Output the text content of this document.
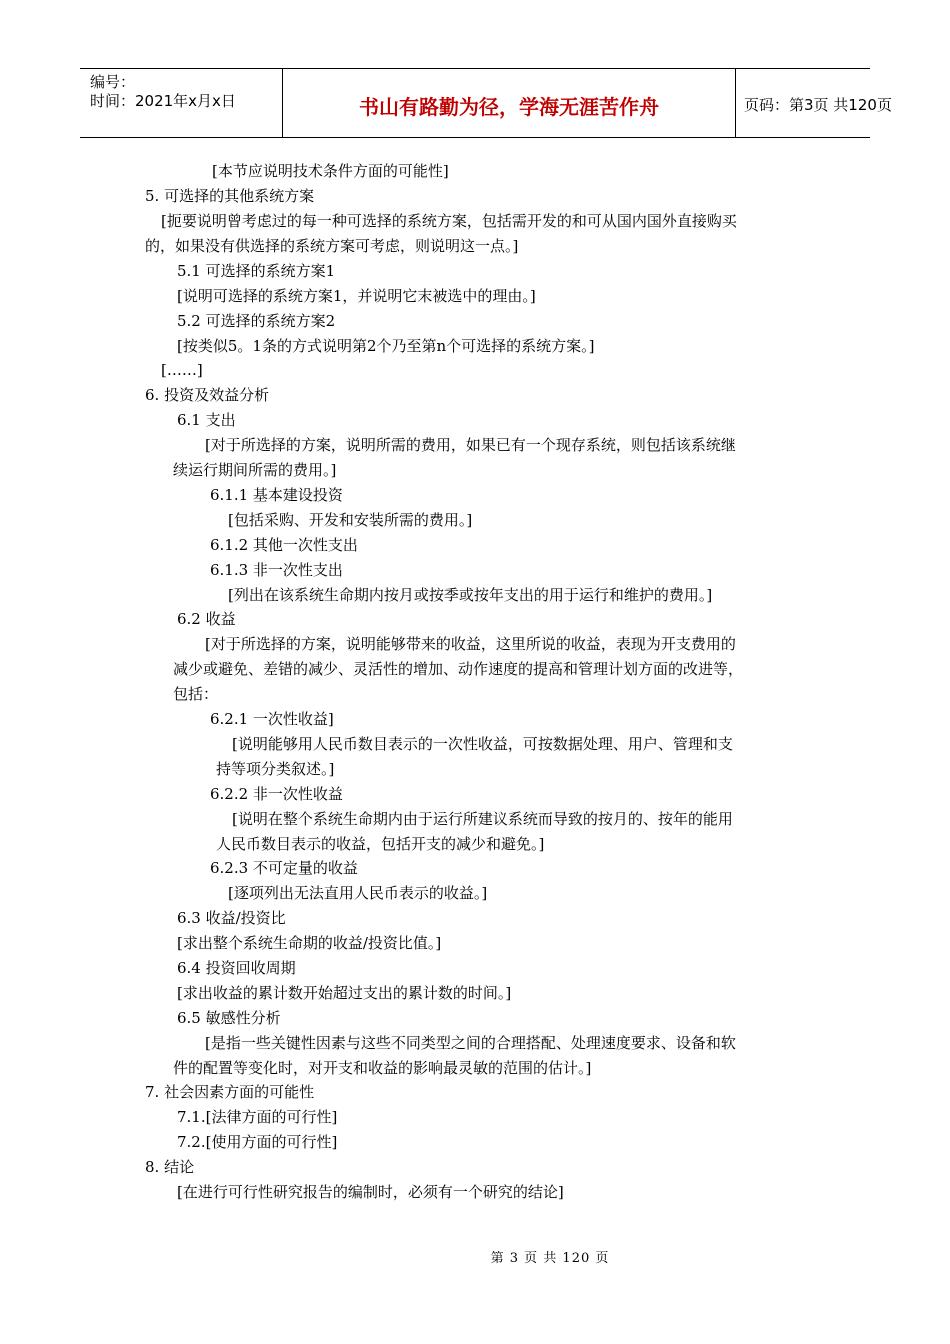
编号：
时间：2021年x月x日	书山有路勤为径，学海无涯苦作舟	页码：第3页 共120页
[本节应说明技术条件方面的可能性]
5. 可选择的其他系统方案
[扼要说明曾考虑过的每一种可选择的系统方案，包括需开发的和可从国内国外直接购买
的，如果没有供选择的系统方案可考虑，则说明这一点。]
5.1 可选择的系统方案1
[说明可选择的系统方案1，并说明它末被选中的理由。]
5.2 可选择的系统方案2
[按类似5。1条的方式说明第2个乃至第n个可选择的系统方案。]
[……]
6. 投资及效益分析
6.1 支出
[对于所选择的方案，说明所需的费用，如果已有一个现存系统，则包括该系统继
续运行期间所需的费用。]
6.1.1 基本建设投资
[包括采购、开发和安装所需的费用。]
6.1.2 其他一次性支出
6.1.3 非一次性支出
[列出在该系统生命期内按月或按季或按年支出的用于运行和维护的费用。]
6.2 收益
[对于所选择的方案，说明能够带来的收益，这里所说的收益，表现为开支费用的
减少或避免、差错的减少、灵活性的增加、动作速度的提高和管理计划方面的改进等，
包括：
6.2.1 一次性收益]
[说明能够用人民币数目表示的一次性收益，可按数据处理、用户、管理和支
持等项分类叙述。]
6.2.2 非一次性收益
[说明在整个系统生命期内由于运行所建议系统而导致的按月的、按年的能用
人民币数目表示的收益，包括开支的减少和避免。]
6.2.3 不可定量的收益
[逐项列出无法直用人民币表示的收益。]
6.3 收益/投资比
[求出整个系统生命期的收益/投资比值。]
6.4 投资回收周期
[求出收益的累计数开始超过支出的累计数的时间。]
6.5 敏感性分析
[是指一些关键性因素与这些不同类型之间的合理搭配、处理速度要求、设备和软
件的配置等变化时，对开支和收益的影响最灵敏的范围的估计。]
7. 社会因素方面的可能性
7.1.[法律方面的可行性]
7.2.[使用方面的可行性]
8. 结论
[在进行可行性研究报告的编制时，必须有一个研究的结论]
第 3 页 共 120 页
